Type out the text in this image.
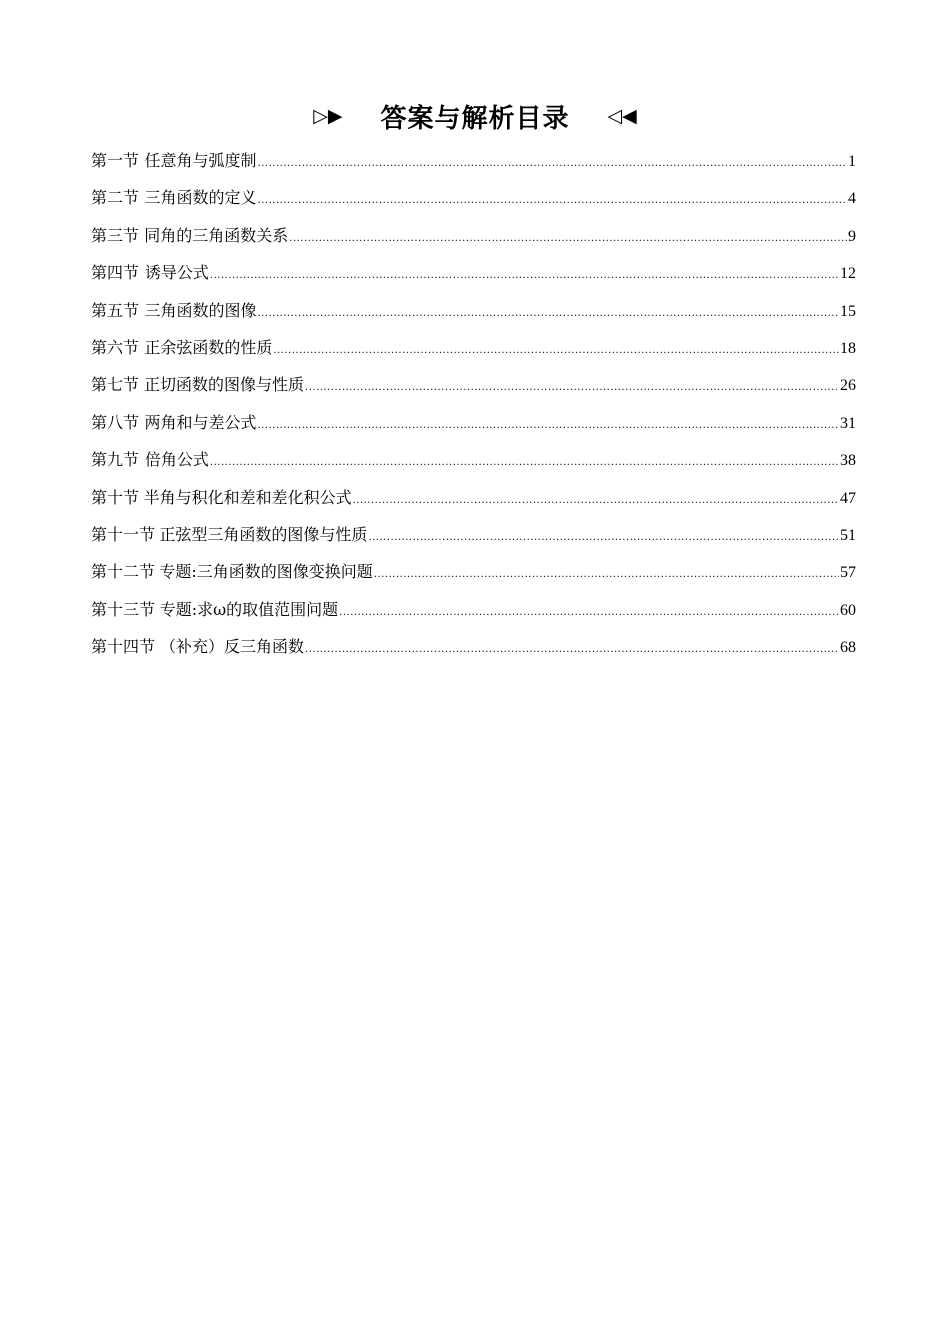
▷▶ 答案与解析目录 ◁◀
第一节 任意角与弧度制 .....	1
第二节 三角函数的定义 .....	4
第三节 同角的三角函数关系 .....	9
第四节 诱导公式 .....	12
第五节 三角函数的图像 .....	15
第六节 正余弦函数的性质 .....	18
第七节 正切函数的图像与性质 .....	26
第八节 两角和与差公式 .....	31
第九节 倍角公式 .....	38
第十节 半角与积化和差和差化积公式 .....	47
第十一节 正弦型三角函数的图像与性质 .....	51
第十二节 专题:三角函数的图像变换问题 .....	57
第十三节 专题:求ω的取值范围问题 .....	60
第十四节 （补充）反三角函数 .....	68
